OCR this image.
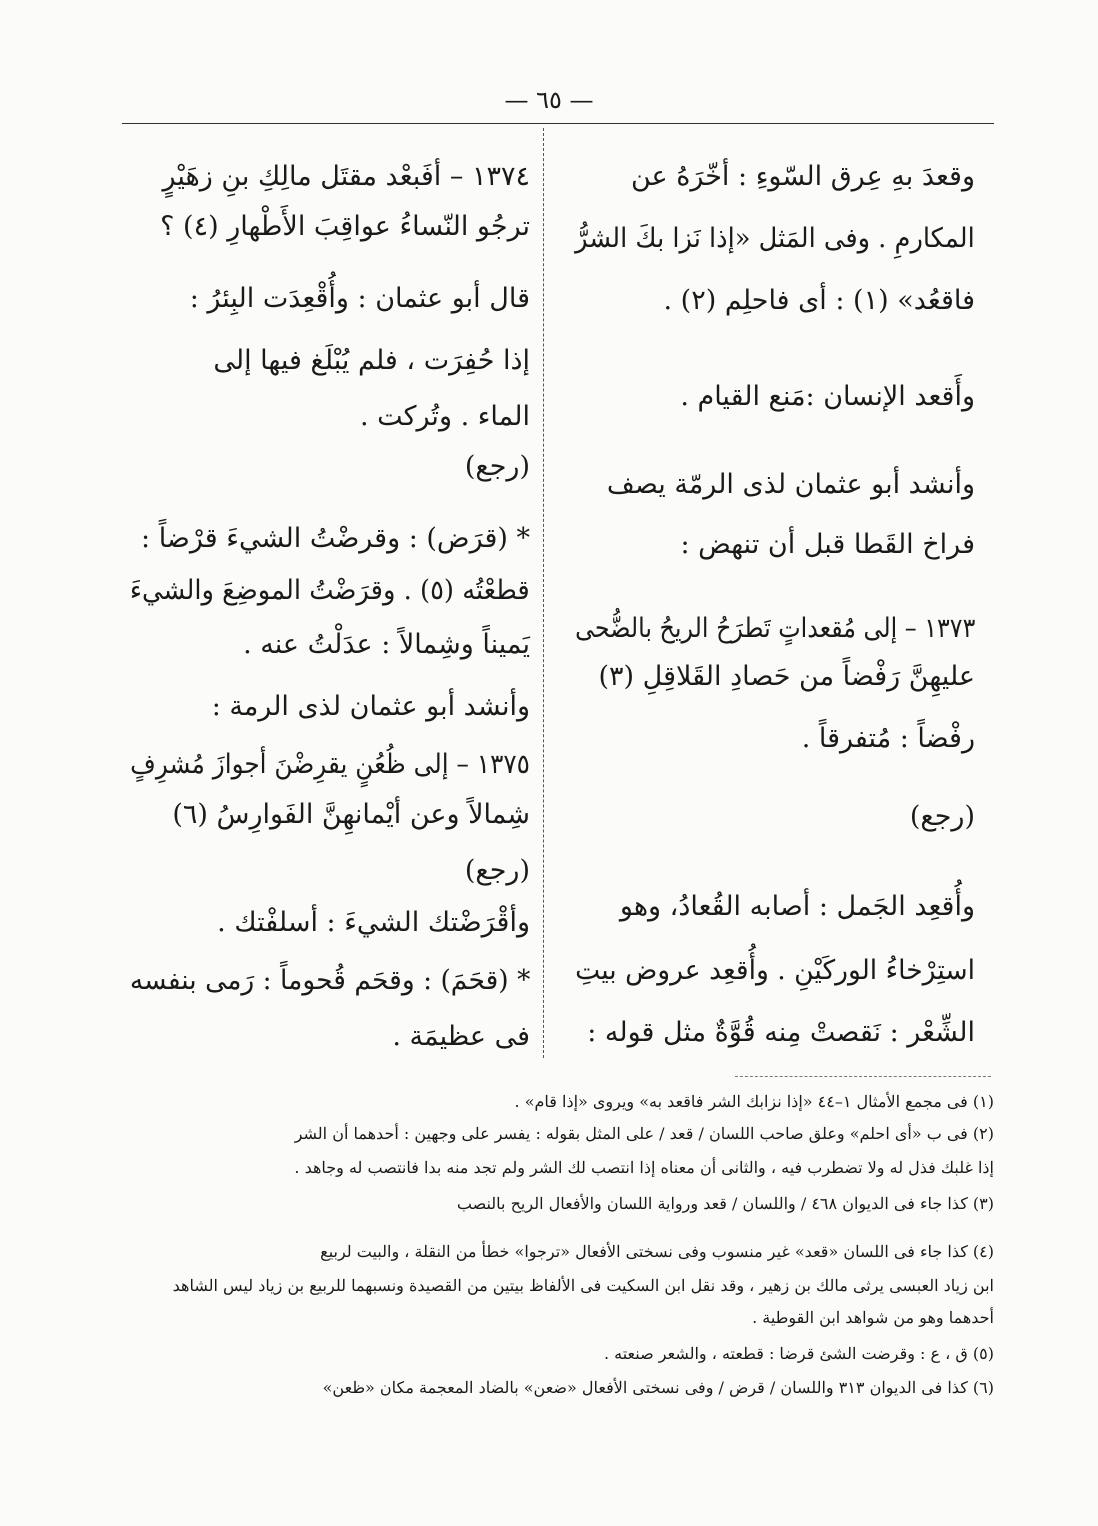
— ٦٥ —
وقعدَ بهِ عِرق السّوءِ : أخّرَهُ عن
المكارمِ . وفى المَثل «إذا نَزا بكَ الشرُّ
فاقعُد» (١) : أى فاحلِم (٢) .
وأَقعد الإنسان :مَنع القيام .
وأنشد أبو عثمان لذى الرمّة يصف
فراخ القَطا قبل أن تنهض :
١٣٧٣ – إلى مُقعداتٍ تَطرَحُ الريحُ بالضُّحى
عليهِنَّ رَفْضاً من حَصادِ القَلاقِلِ (٣)
رفْضاً : مُتفرقاً .
(رجع)
وأُقعِد الجَمل : أصابه القُعادُ، وهو
استِرْخاءُ الوركَيْنِ . وأُقعِد عروض بيتِ
الشِّعْر : نَقصتْ مِنه قُوَّةٌ مثل قوله :
١٣٧٤ – أفَبعْد مقتَل مالِكِ بنِ زهَيْرٍ
ترجُو النّساءُ عواقِبَ الأَطْهارِ (٤) ؟
قال أبو عثمان : وأُقْعِدَت البِئرُ :
إذا حُفِرَت ، فلم يُبْلَغ فيها إلى
الماء . وتُركت .
(رجع)
* (قرَض) : وقرضْتُ الشيءَ قرْضاً :
قطعْتُه (٥) . وقرَضْتُ الموضِعَ والشيءَ
يَميناً وشِمالاً : عدَلْتُ عنه .
وأنشد أبو عثمان لذى الرمة :
١٣٧٥ – إلى ظُعُنٍ يقرِضْنَ أجوازَ مُشرِفٍ
شِمالاً وعن أيْمانهِنَّ الفَوارِسُ (٦)
(رجع)
وأقْرَضْتك الشيءَ : أسلفْتك .
* (قحَمَ) : وقحَم قُحوماً : رَمى بنفسه
فى عظيمَة .
(١) فى مجمع الأمثال ١–٤٤ «إذا نزابك الشر فاقعد به» ويروى «إذا قام» .
(٢) فى ب «أى احلم» وعلق صاحب اللسان / قعد / على المثل بقوله : يفسر على وجهين : أحدهما أن الشر
إذا غلبك فذل له ولا تضطرب فيه ، والثانى أن معناه إذا انتصب لك الشر ولم تجد منه بدا فانتصب له وجاهد .
(٣) كذا جاء فى الديوان ٤٦٨ / واللسان / قعد ورواية اللسان والأفعال الريح بالنصب
(٤) كذا جاء فى اللسان «قعد» غير منسوب وفى نسختى الأفعال «ترجوا» خطأ من النقلة ، والبيت لربيع
ابن زياد العبسى يرثى مالك بن زهير ، وقد نقل ابن السكيت فى الألفاظ بيتين من القصيدة ونسبهما للربيع بن زياد ليس الشاهد
أحدهما وهو من شواهد ابن القوطية .
(٥) ق ، ع : وقرضت الشئ قرضا : قطعته ، والشعر صنعته .
(٦) كذا فى الديوان ٣١٣ واللسان / قرض / وفى نسختى الأفعال «ضعن» بالضاد المعجمة مكان «ظعن»
